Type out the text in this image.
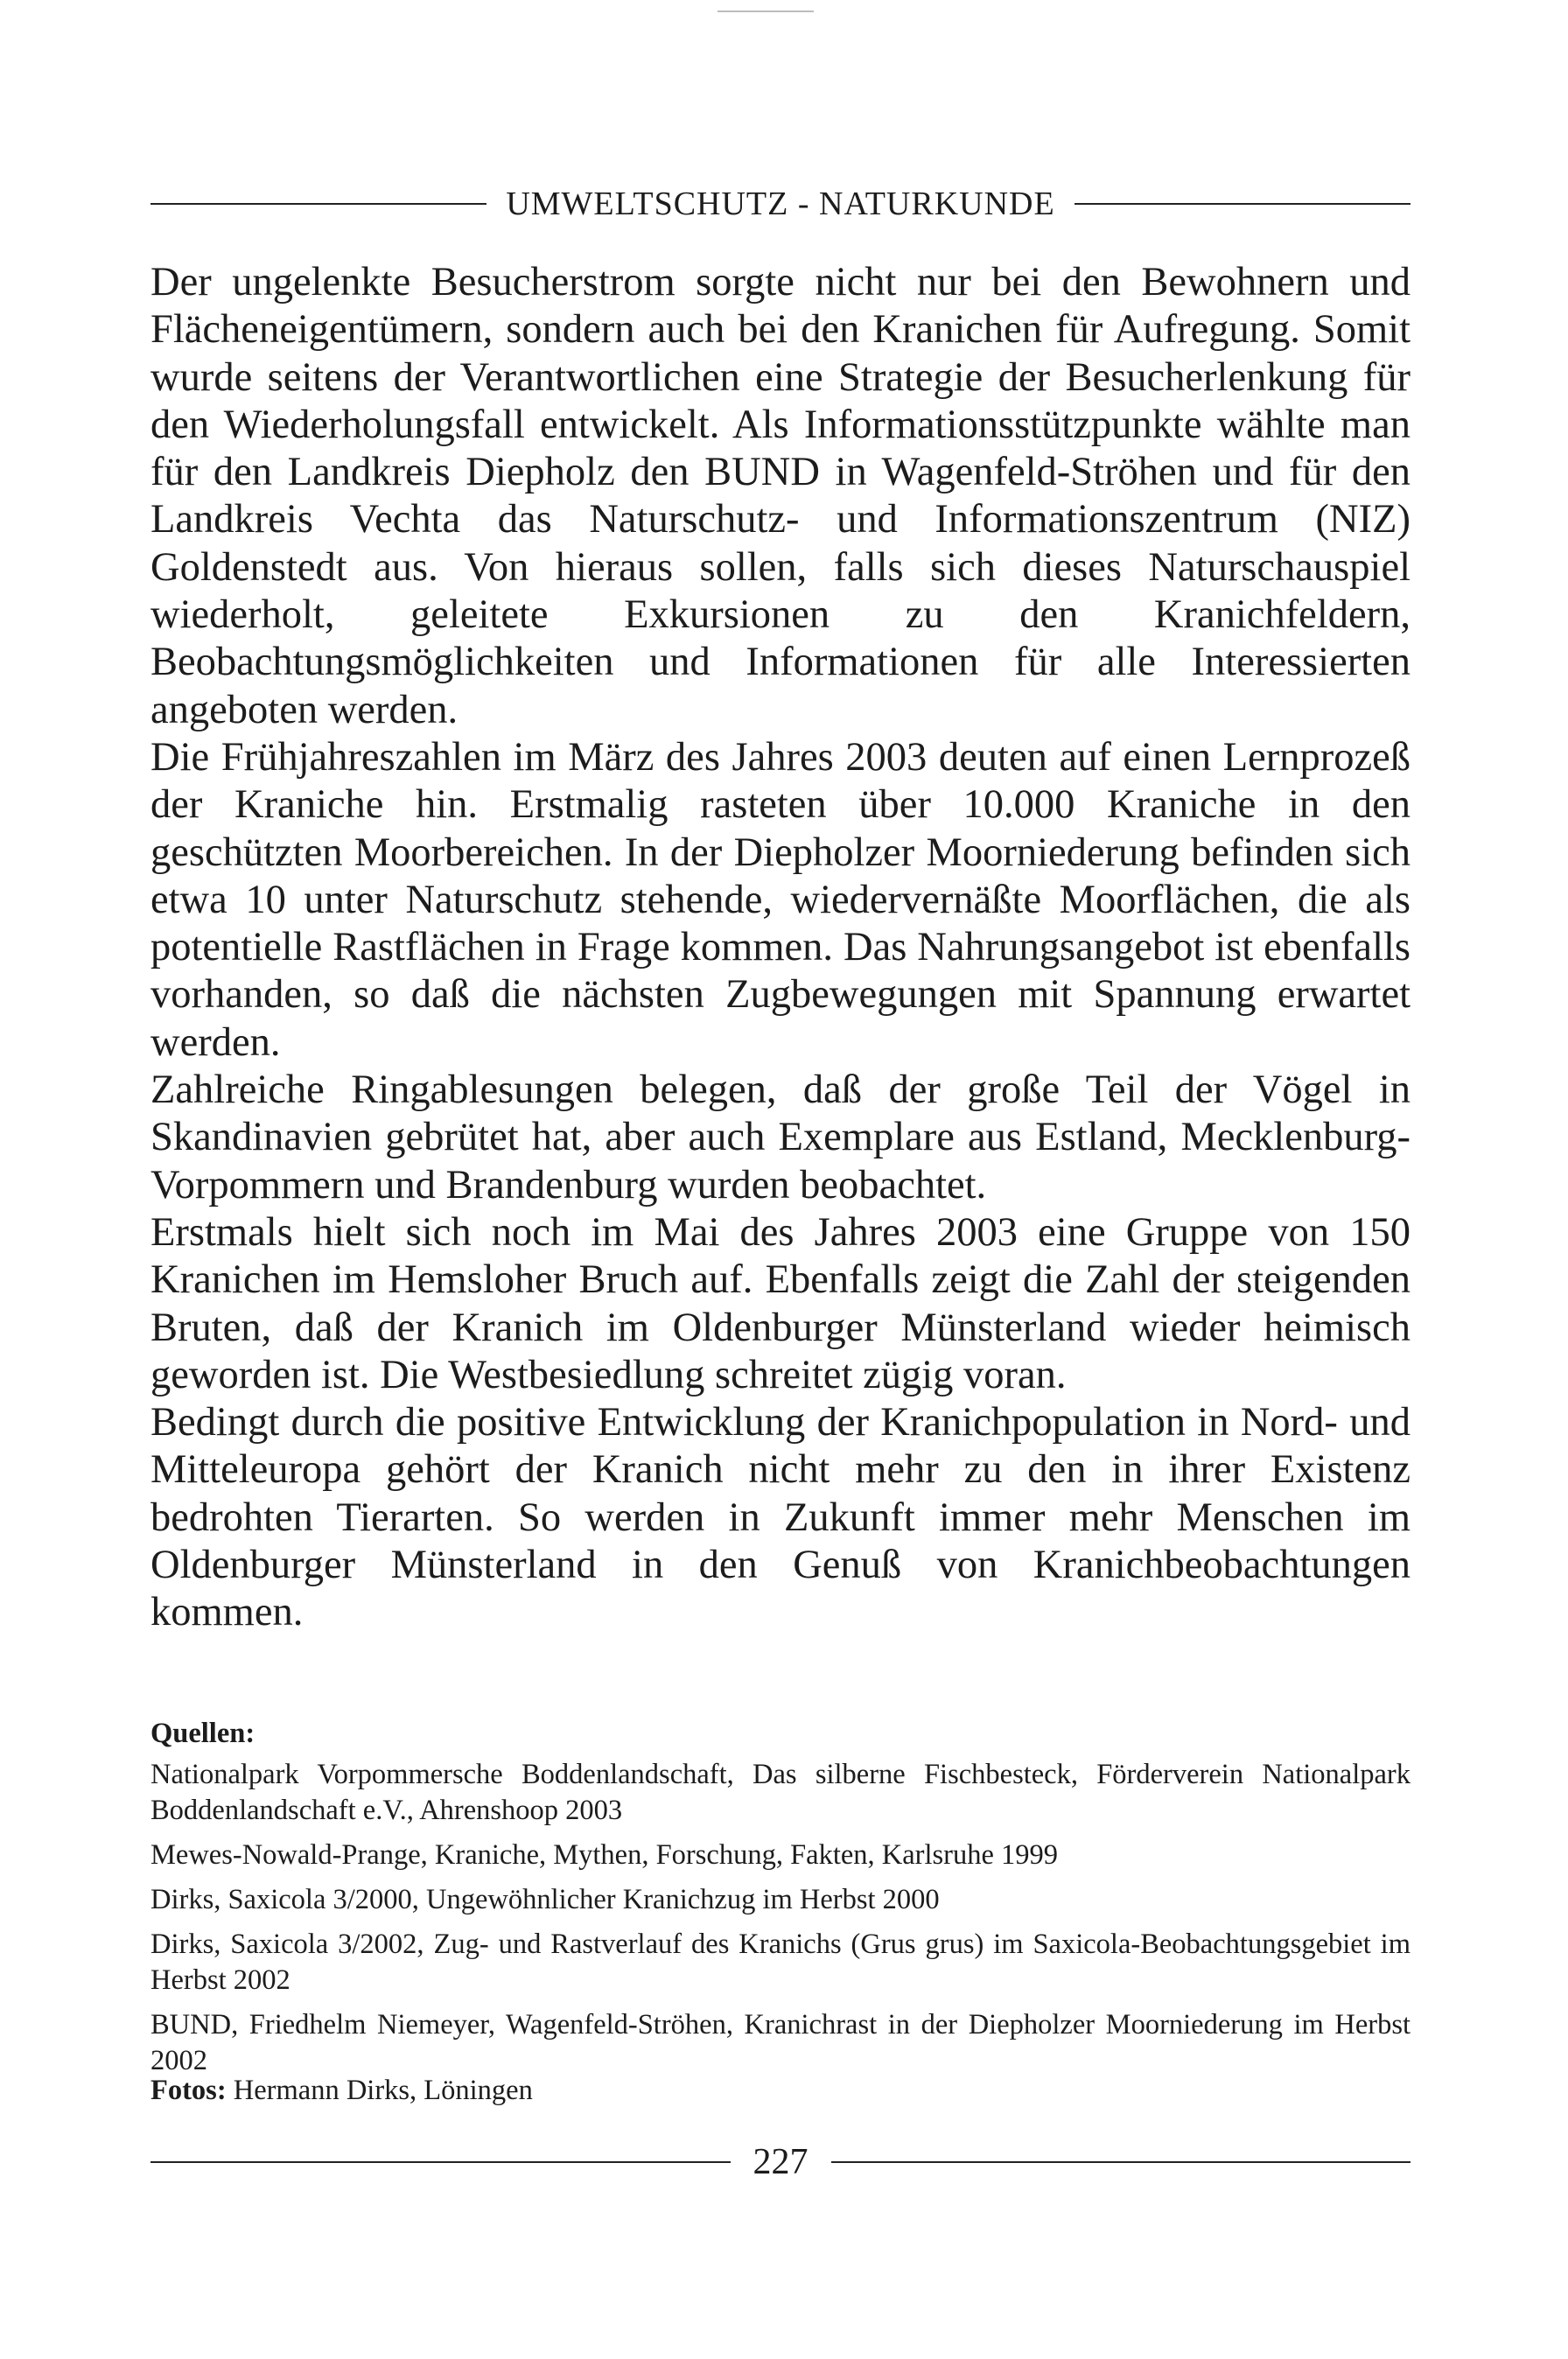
UMWELTSCHUTZ - NATURKUNDE

Der ungelenkte Besucherstrom sorgte nicht nur bei den Bewohnern und Flächeneigentümern, sondern auch bei den Kranichen für Aufregung. Somit wurde seitens der Verantwortlichen eine Strategie der Besucherlenkung für den Wiederholungsfall entwickelt. Als Informationsstützpunkte wählte man für den Landkreis Diepholz den BUND in Wagenfeld-Ströhen und für den Landkreis Vechta das Naturschutz- und Informationszentrum (NIZ) Goldenstedt aus. Von hieraus sollen, falls sich dieses Naturschauspiel wiederholt, geleitete Exkursionen zu den Kranichfeldern, Beobachtungsmöglichkeiten und Informationen für alle Interessierten angeboten werden.

Die Frühjahreszahlen im März des Jahres 2003 deuten auf einen Lernprozeß der Kraniche hin. Erstmalig rasteten über 10.000 Kraniche in den geschützten Moorbereichen. In der Diepholzer Moorniederung befinden sich etwa 10 unter Naturschutz stehende, wiedervernäßte Moorflächen, die als potentielle Rastflächen in Frage kommen. Das Nahrungsangebot ist ebenfalls vorhanden, so daß die nächsten Zugbewegungen mit Spannung erwartet werden.

Zahlreiche Ringablesungen belegen, daß der große Teil der Vögel in Skandinavien gebrütet hat, aber auch Exemplare aus Estland, Mecklenburg-Vorpommern und Brandenburg wurden beobachtet.

Erstmals hielt sich noch im Mai des Jahres 2003 eine Gruppe von 150 Kranichen im Hemsloher Bruch auf. Ebenfalls zeigt die Zahl der steigenden Bruten, daß der Kranich im Oldenburger Münsterland wieder heimisch geworden ist. Die Westbesiedlung schreitet zügig voran.

Bedingt durch die positive Entwicklung der Kranichpopulation in Nord- und Mitteleuropa gehört der Kranich nicht mehr zu den in ihrer Existenz bedrohten Tierarten. So werden in Zukunft immer mehr Menschen im Oldenburger Münsterland in den Genuß von Kranichbeobachtungen kommen.

Quellen:
Nationalpark Vorpommersche Boddenlandschaft, Das silberne Fischbesteck, Förderverein Nationalpark Boddenlandschaft e.V., Ahrenshoop 2003
Mewes-Nowald-Prange, Kraniche, Mythen, Forschung, Fakten, Karlsruhe 1999
Dirks, Saxicola 3/2000, Ungewöhnlicher Kranichzug im Herbst 2000
Dirks, Saxicola 3/2002, Zug- und Rastverlauf des Kranichs (Grus grus) im Saxicola-Beobachtungsgebiet im Herbst 2002
BUND, Friedhelm Niemeyer, Wagenfeld-Ströhen, Kranichrast in der Diepholzer Moorniederung im Herbst 2002
Fotos: Hermann Dirks, Löningen
227
